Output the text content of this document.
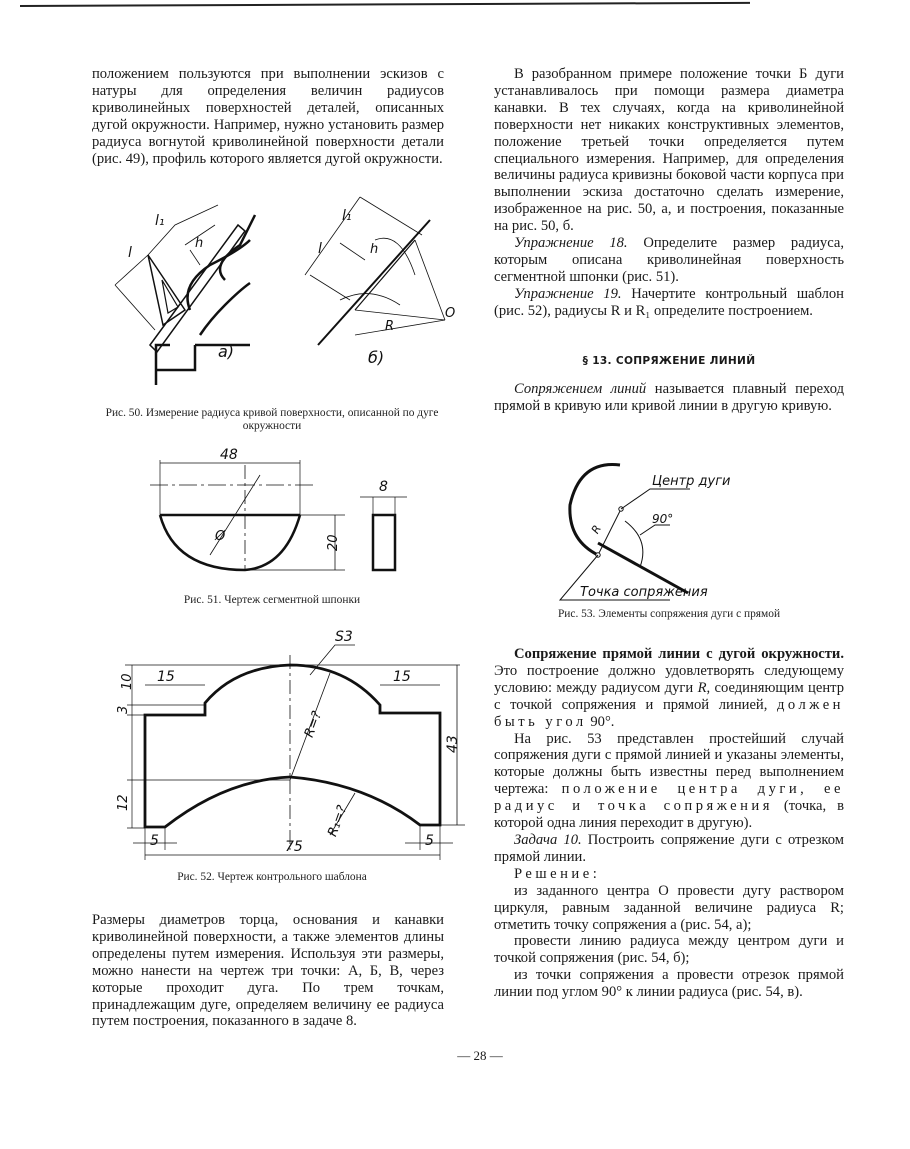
положением пользуются при выполнении эскизов с натуры для определения величин радиусов криволинейных поверхностей деталей, описанных дугой окружности. Например, нужно установить размер радиуса вогнутой криволинейной поверхности детали (рис. 49), профиль которого является дугой окружности.

l
l₁
h
а)
l
l₁
h
R
O
б)
Рис. 50. Измерение радиуса кривой поверхности, описанной по дуге окружности
48
Ø	20
8
Рис. 51. Чертеж сегментной шпонки
S3
15	15
10
3
12
43
R=?
R₁=?
5	5
75
Рис. 52. Чертеж контрольного шаблона

Размеры диаметров торца, основания и канавки криволинейной поверхности, а также элементов длины определены путем измерения. Используя эти размеры, можно нанести на чертеж три точки: А, Б, В, через которые проходит дуга. По трем точкам, принадлежащим дуге, определяем величину ее радиуса путем построения, показанного в задаче 8.

В разобранном примере положение точки Б дуги устанавливалось при помощи размера диаметра канавки. В тех случаях, когда на криволинейной поверхности нет никаких конструктивных элементов, положение третьей точки определяется путем специального измерения. Например, для определения величины радиуса кривизны боковой части корпуса при выполнении эскиза достаточно сделать измерение, изображенное на рис. 50, а, и построения, показанные на рис. 50, б.

Упражнение 18. Определите размер радиуса, которым описана криволинейная поверхность сегментной шпонки (рис. 51).

Упражнение 19. Начертите контрольный шаблон (рис. 52), радиусы R и R₁ определите построением.

§ 13. СОПРЯЖЕНИЕ ЛИНИЙ

Сопряжением линий называется плавный переход прямой в кривую или кривой линии в другую кривую.

Центр дуги
90°
R
Точка сопряжения
Рис. 53. Элементы сопряжения дуги с прямой

Сопряжение прямой линии с дугой окружности. Это построение должно удовлетворять следующему условию: между радиусом дуги R, соединяющим центр с точкой сопряжения и прямой линией, должен быть угол 90°.

На рис. 53 представлен простейший случай сопряжения дуги с прямой линией и указаны элементы, которые должны быть известны перед выполнением чертежа: положение центра дуги, ее радиус и точка сопряжения (точка, в которой одна линия переходит в другую).

Задача 10. Построить сопряжение дуги с отрезком прямой линии.

Решение:

из заданного центра О провести дугу раствором циркуля, равным заданной величине радиуса R; отметить точку сопряжения а (рис. 54, а);

провести линию радиуса между центром дуги и точкой сопряжения (рис. 54, б);

из точки сопряжения а провести отрезок прямой линии под углом 90° к линии радиуса (рис. 54, в).

— 28 —
